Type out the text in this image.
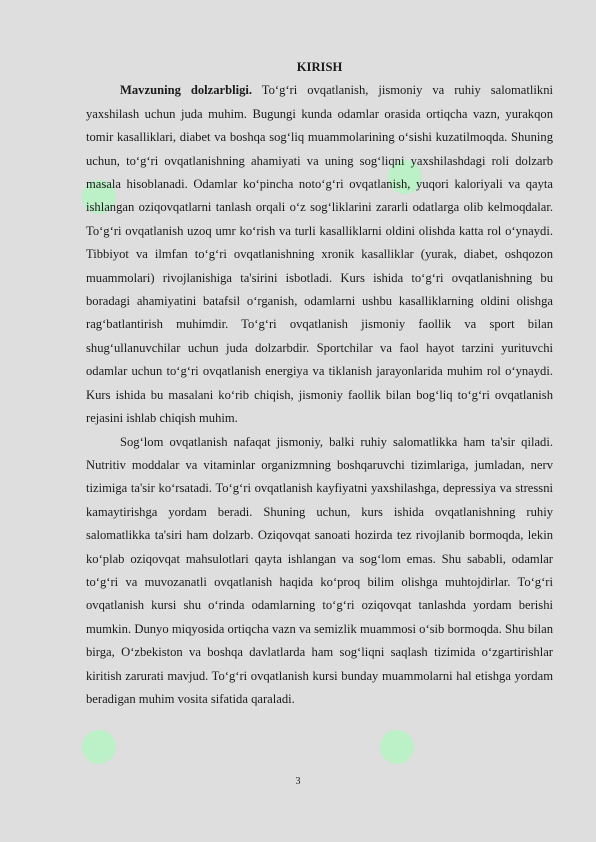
KIRISH

Mavzuning dolzarbligi. To‘g‘ri ovqatlanish, jismoniy va ruhiy salomatlikni yaxshilash uchun juda muhim. Bugungi kunda odamlar orasida ortiqcha vazn, yurakqon tomir kasalliklari, diabet va boshqa sog‘liq muammolarining o‘sishi kuzatilmoqda. Shuning uchun, to‘g‘ri ovqatlanishning ahamiyati va uning sog‘liqni yaxshilashdagi roli dolzarb masala hisoblanadi. Odamlar ko‘pincha noto‘g‘ri ovqatlanish, yuqori kaloriyali va qayta ishlangan oziqovqatlarni tanlash orqali o‘z sog‘liklarini zararli odatlarga olib kelmoqdalar. To‘g‘ri ovqatlanish uzoq umr ko‘rish va turli kasalliklarni oldini olishda katta rol o‘ynaydi. Tibbiyot va ilmfan to‘g‘ri ovqatlanishning xronik kasalliklar (yurak, diabet, oshqozon muammolari) rivojlanishiga ta'sirini isbotladi. Kurs ishida to‘g‘ri ovqatlanishning bu boradagi ahamiyatini batafsil o‘rganish, odamlarni ushbu kasalliklarning oldini olishga rag‘batlantirish muhimdir. To‘g‘ri ovqatlanish jismoniy faollik va sport bilan shug‘ullanuvchilar uchun juda dolzarbdir. Sportchilar va faol hayot tarzini yurituvchi odamlar uchun to‘g‘ri ovqatlanish energiya va tiklanish jarayonlarida muhim rol o‘ynaydi. Kurs ishida bu masalani ko‘rib chiqish, jismoniy faollik bilan bog‘liq to‘g‘ri ovqatlanish rejasini ishlab chiqish muhim.

Sog‘lom ovqatlanish nafaqat jismoniy, balki ruhiy salomatlikka ham ta'sir qiladi. Nutritiv moddalar va vitaminlar organizmning boshqaruvchi tizimlariga, jumladan, nerv tizimiga ta'sir ko‘rsatadi. To‘g‘ri ovqatlanish kayfiyatni yaxshilashga, depressiya va stressni kamaytirishga yordam beradi. Shuning uchun, kurs ishida ovqatlanishning ruhiy salomatlikka ta'siri ham dolzarb. Oziqovqat sanoati hozirda tez rivojlanib bormoqda, lekin ko‘plab oziqovqat mahsulotlari qayta ishlangan va sog‘lom emas. Shu sababli, odamlar to‘g‘ri va muvozanatli ovqatlanish haqida ko‘proq bilim olishga muhtojdirlar. To‘g‘ri ovqatlanish kursi shu o‘rinda odamlarning to‘g‘ri oziqovqat tanlashda yordam berishi mumkin. Dunyo miqyosida ortiqcha vazn va semizlik muammosi o‘sib bormoqda. Shu bilan birga, O‘zbekiston va boshqa davlatlarda ham sog‘liqni saqlash tizimida o‘zgartirishlar kiritish zarurati mavjud. To‘g‘ri ovqatlanish kursi bunday muammolarni hal etishga yordam beradigan muhim vosita sifatida qaraladi.

3
